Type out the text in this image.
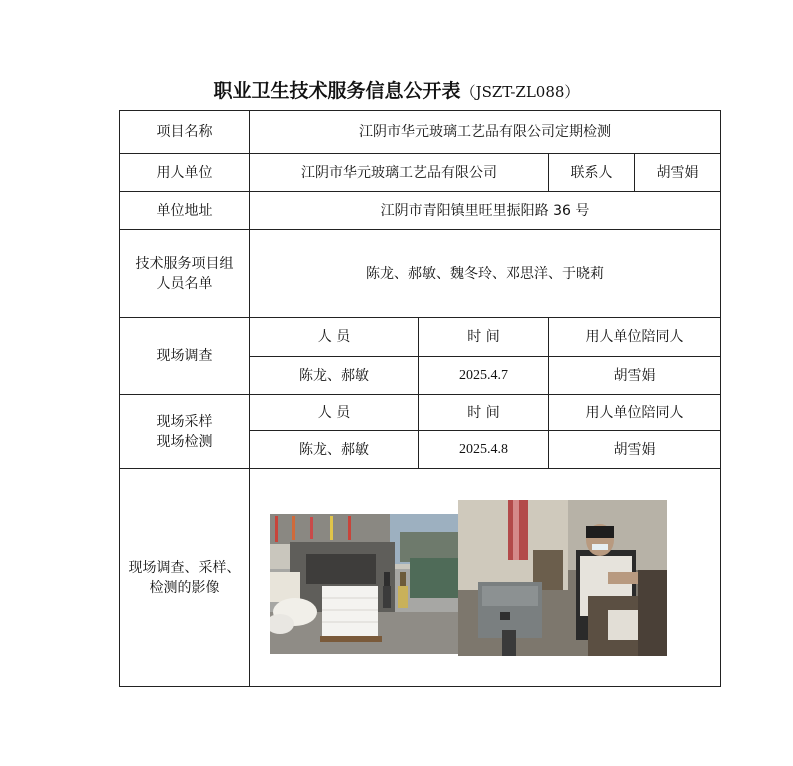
职业卫生技术服务信息公开表（JSZT-ZL088）
项目名称	江阴市华元玻璃工艺品有限公司定期检测			
用人单位	江阴市华元玻璃工艺品有限公司		联系人	胡雪娟
单位地址	江阴市青阳镇里旺里振阳路 36 号			

技术服务项目组
人员名单	陈龙、郝敏、魏冬玲、邓思洋、于晓莉			
现场调查	人 员	时 间	用人单位陪同人	
	陈龙、郝敏	2025.4.7	胡雪娟	

现场采样
现场检测	人 员	时 间	用人单位陪同人	
	陈龙、郝敏	2025.4.8	胡雪娟	

现场调查、采样、
检测的影像
